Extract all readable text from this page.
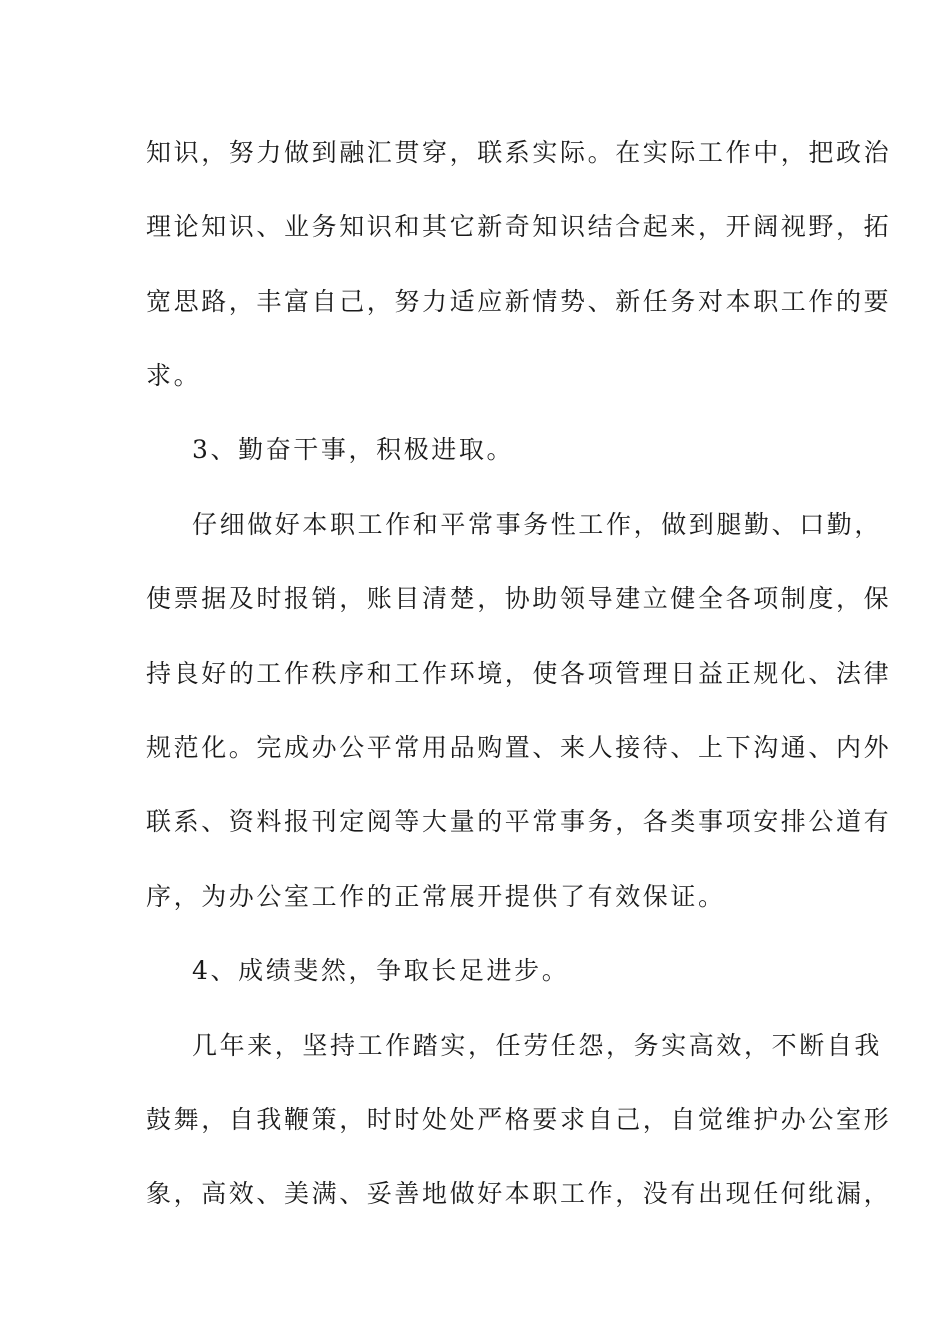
知识，努力做到融汇贯穿，联系实际。在实际工作中，把政治
理论知识、业务知识和其它新奇知识结合起来，开阔视野，拓
宽思路，丰富自己，努力适应新情势、新任务对本职工作的要
求。
3、勤奋干事，积极进取。
仔细做好本职工作和平常事务性工作，做到腿勤、口勤，
使票据及时报销，账目清楚，协助领导建立健全各项制度，保
持良好的工作秩序和工作环境，使各项管理日益正规化、法律
规范化。完成办公平常用品购置、来人接待、上下沟通、内外
联系、资料报刊定阅等大量的平常事务，各类事项安排公道有
序，为办公室工作的正常展开提供了有效保证。
4、成绩斐然，争取长足进步。
几年来，坚持工作踏实，任劳任怨，务实高效，不断自我
鼓舞，自我鞭策，时时处处严格要求自己，自觉维护办公室形
象，高效、美满、妥善地做好本职工作，没有出现任何纰漏，
